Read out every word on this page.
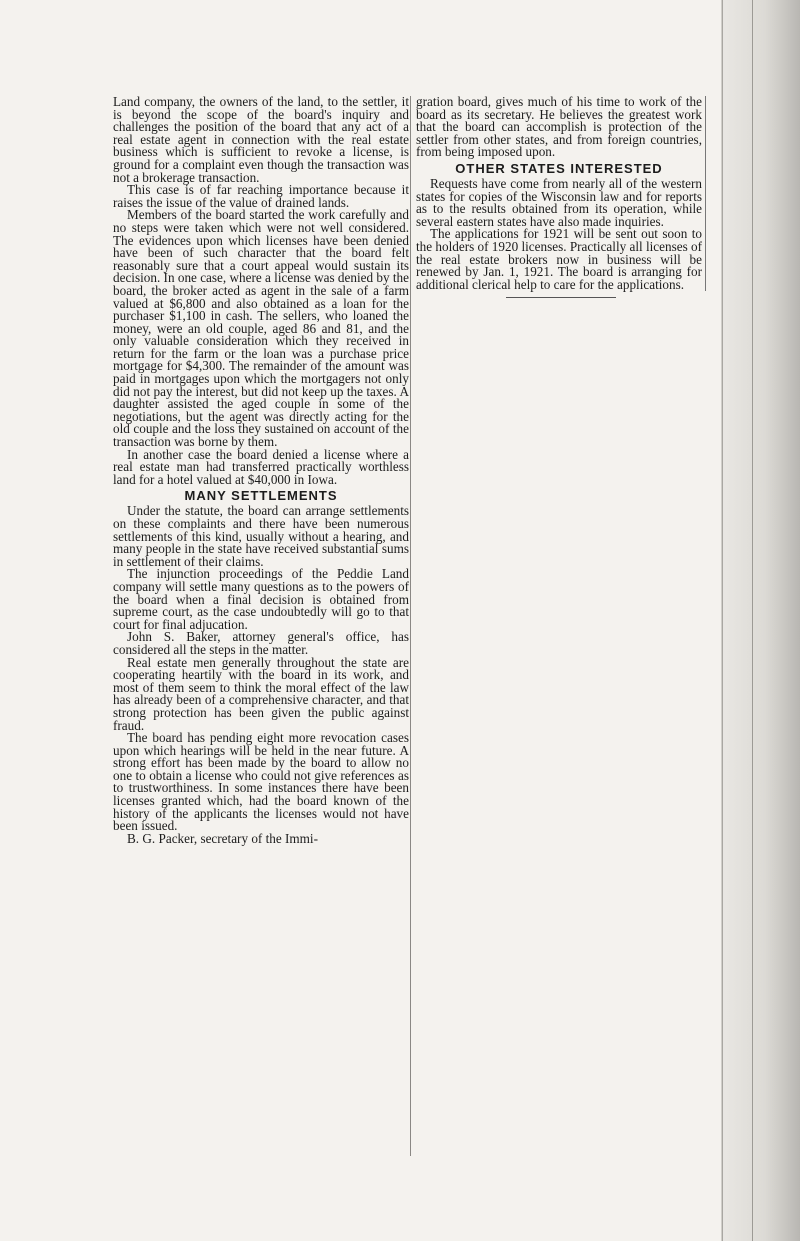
Land company, the owners of the land, to the settler, it is beyond the scope of the board's inquiry and challenges the position of the board that any act of a real estate agent in connection with the real estate business which is sufficient to revoke a license, is ground for a complaint even though the transaction was not a brokerage transaction.

This case is of far reaching importance because it raises the issue of the value of drained lands.

Members of the board started the work carefully and no steps were taken which were not well considered. The evidences upon which licenses have been denied have been of such character that the board felt reasonably sure that a court appeal would sustain its decision. In one case, where a license was denied by the board, the broker acted as agent in the sale of a farm valued at $6,800 and also obtained as a loan for the purchaser $1,100 in cash. The sellers, who loaned the money, were an old couple, aged 86 and 81, and the only valuable consideration which they received in return for the farm or the loan was a purchase price mortgage for $4,300. The remainder of the amount was paid in mortgages upon which the mortgagers not only did not pay the interest, but did not keep up the taxes. A daughter assisted the aged couple in some of the negotiations, but the agent was directly acting for the old couple and the loss they sustained on account of the transaction was borne by them.

In another case the board denied a license where a real estate man had transferred practically worthless land for a hotel valued at $40,000 in Iowa.

MANY SETTLEMENTS

Under the statute, the board can arrange settlements on these complaints and there have been numerous settlements of this kind, usually without a hearing, and many people in the state have received substantial sums in settlement of their claims.

The injunction proceedings of the Peddie Land company will settle many questions as to the powers of the board when a final decision is obtained from supreme court, as the case undoubtedly will go to that court for final adjucation.

John S. Baker, attorney general's office, has considered all the steps in the matter.

Real estate men generally throughout the state are cooperating heartily with the board in its work, and most of them seem to think the moral effect of the law has already been of a comprehensive character, and that strong protection has been given the public against fraud.

The board has pending eight more revocation cases upon which hearings will be held in the near future. A strong effort has been made by the board to allow no one to obtain a license who could not give references as to trustworthiness. In some instances there have been licenses granted which, had the board known of the history of the applicants the licenses would not have been issued.

B. G. Packer, secretary of the Immi-

gration board, gives much of his time to work of the board as its secretary. He believes the greatest work that the board can accomplish is protection of the settler from other states, and from foreign countries, from being imposed upon.

OTHER STATES INTERESTED

Requests have come from nearly all of the western states for copies of the Wisconsin law and for reports as to the results obtained from its operation, while several eastern states have also made inquiries.

The applications for 1921 will be sent out soon to the holders of 1920 licenses. Practically all licenses of the real estate brokers now in business will be renewed by Jan. 1, 1921. The board is arranging for additional clerical help to care for the applications.
